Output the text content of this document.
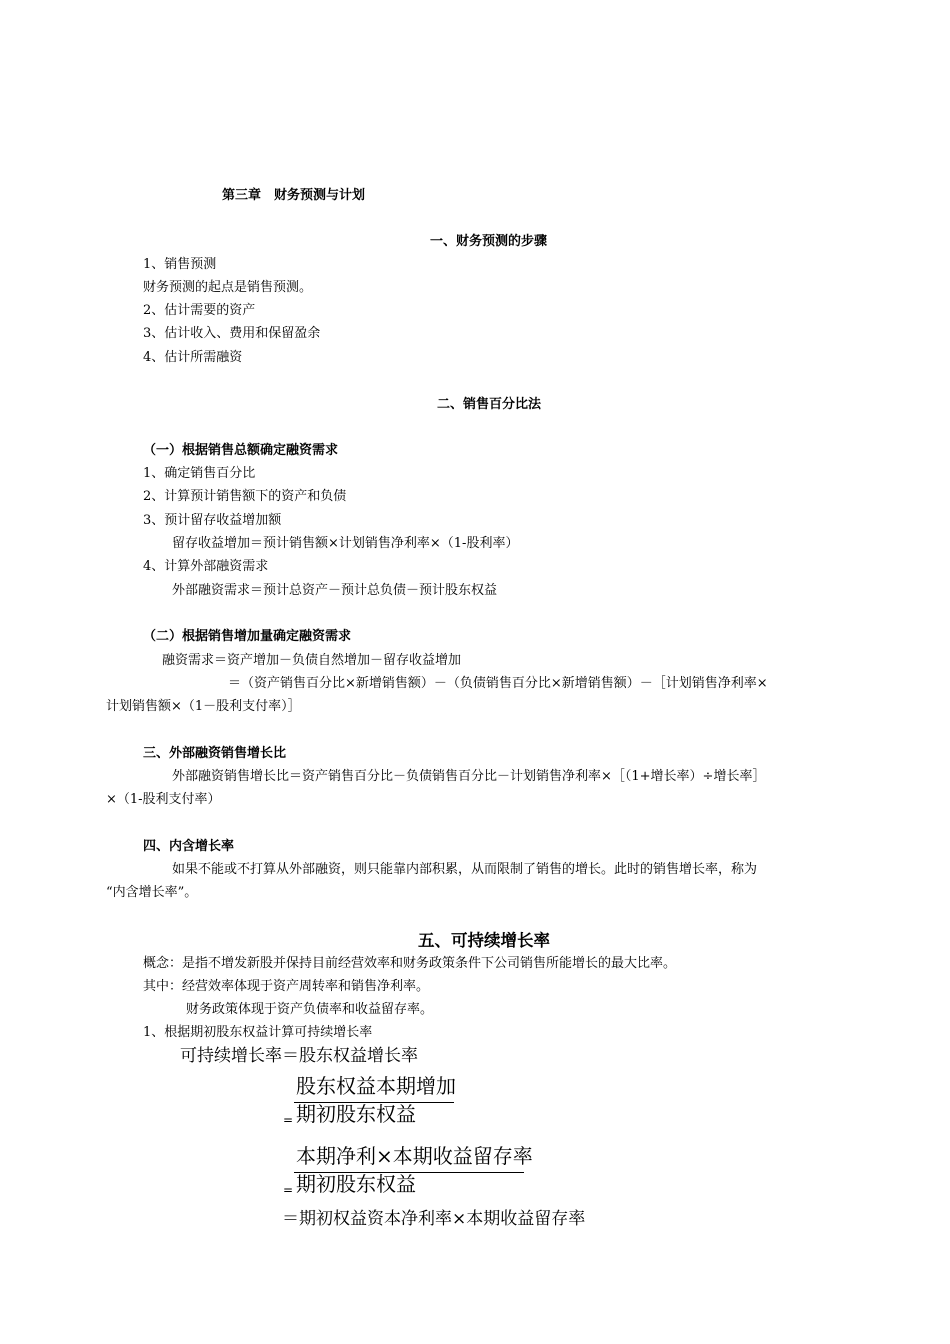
第三章　财务预测与计划
一、财务预测的步骤
1、销售预测
财务预测的起点是销售预测。
2、估计需要的资产
3、估计收入、费用和保留盈余
4、估计所需融资
二、销售百分比法
（一）根据销售总额确定融资需求
1、确定销售百分比
2、计算预计销售额下的资产和负债
3、预计留存收益增加额
留存收益增加＝预计销售额×计划销售净利率×（1-股利率）
4、计算外部融资需求
外部融资需求＝预计总资产－预计总负债－预计股东权益
（二）根据销售增加量确定融资需求
融资需求＝资产增加－负债自然增加－留存收益增加
＝（资产销售百分比×新增销售额）－（负债销售百分比×新增销售额）－［计划销售净利率×
计划销售额×（1－股利支付率）］
三、外部融资销售增长比
外部融资销售增长比＝资产销售百分比－负债销售百分比－计划销售净利率×［（1+增长率）÷增长率］
×（1-股利支付率）
四、内含增长率
如果不能或不打算从外部融资，则只能靠内部积累，从而限制了销售的增长。此时的销售增长率，称为
“内含增长率”。
五、可持续增长率
概念：是指不增发新股并保持目前经营效率和财务政策条件下公司销售所能增长的最大比率。
其中：经营效率体现于资产周转率和销售净利率。
财务政策体现于资产负债率和收益留存率。
1、根据期初股东权益计算可持续增长率
可持续增长率＝股东权益增长率
股东权益本期增加
= 期初股东权益
本期净利×本期收益留存率
= 期初股东权益
＝期初权益资本净利率×本期收益留存率
